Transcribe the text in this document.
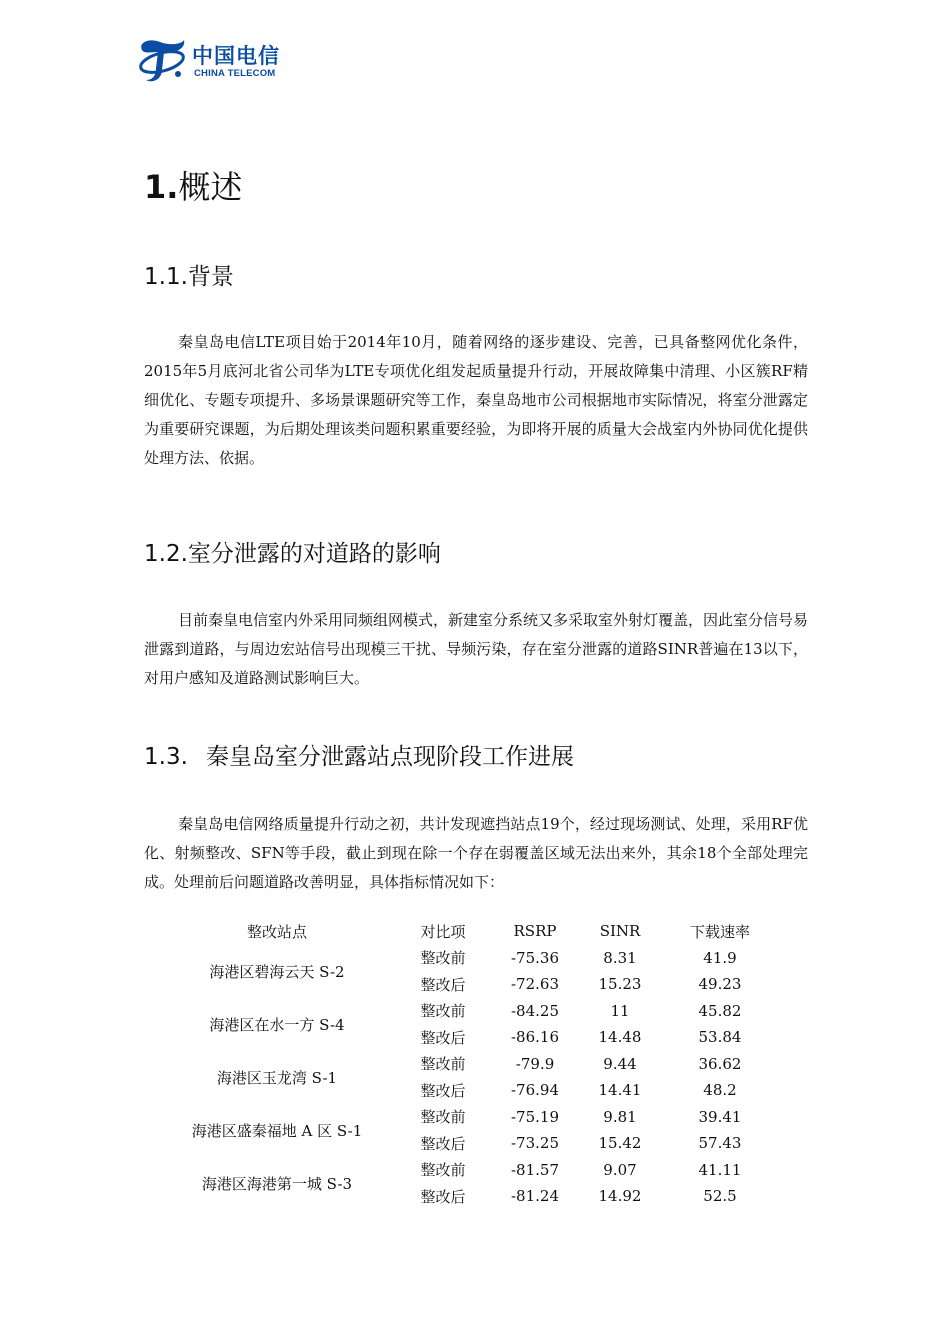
中国电信
CHINA TELECOM
1.概述
1.1.背景

秦皇岛电信LTE项目始于2014年10月，随着网络的逐步建设、完善，已具备整网优化条件，2015年5月底河北省公司华为LTE专项优化组发起质量提升行动，开展故障集中清理、小区簇RF精细优化、专题专项提升、多场景课题研究等工作，秦皇岛地市公司根据地市实际情况，将室分泄露定为重要研究课题，为后期处理该类问题积累重要经验，为即将开展的质量大会战室内外协同优化提供处理方法、依据。

1.2.室分泄露的对道路的影响

目前秦皇电信室内外采用同频组网模式，新建室分系统又多采取室外射灯覆盖，因此室分信号易泄露到道路，与周边宏站信号出现模三干扰、导频污染，存在室分泄露的道路SINR普遍在13以下，对用户感知及道路测试影响巨大。

1.3. 秦皇岛室分泄露站点现阶段工作进展

秦皇岛电信网络质量提升行动之初，共计发现遮挡站点19个，经过现场测试、处理，采用RF优化、射频整改、SFN等手段，截止到现在除一个存在弱覆盖区域无法出来外，其余18个全部处理完成。处理前后问题道路改善明显，具体指标情况如下：

整改站点	对比项	RSRP	SINR	下载速率
海港区碧海云天 S-2	整改前	-75.36	8.31	41.9
	整改后	-72.63	15.23	49.23
海港区在水一方 S-4	整改前	-84.25	11	45.82
	整改后	-86.16	14.48	53.84
海港区玉龙湾 S-1	整改前	-79.9	9.44	36.62
	整改后	-76.94	14.41	48.2
海港区盛秦福地 A 区 S-1	整改前	-75.19	9.81	39.41
	整改后	-73.25	15.42	57.43
海港区海港第一城 S-3	整改前	-81.57	9.07	41.11
	整改后	-81.24	14.92	52.5
